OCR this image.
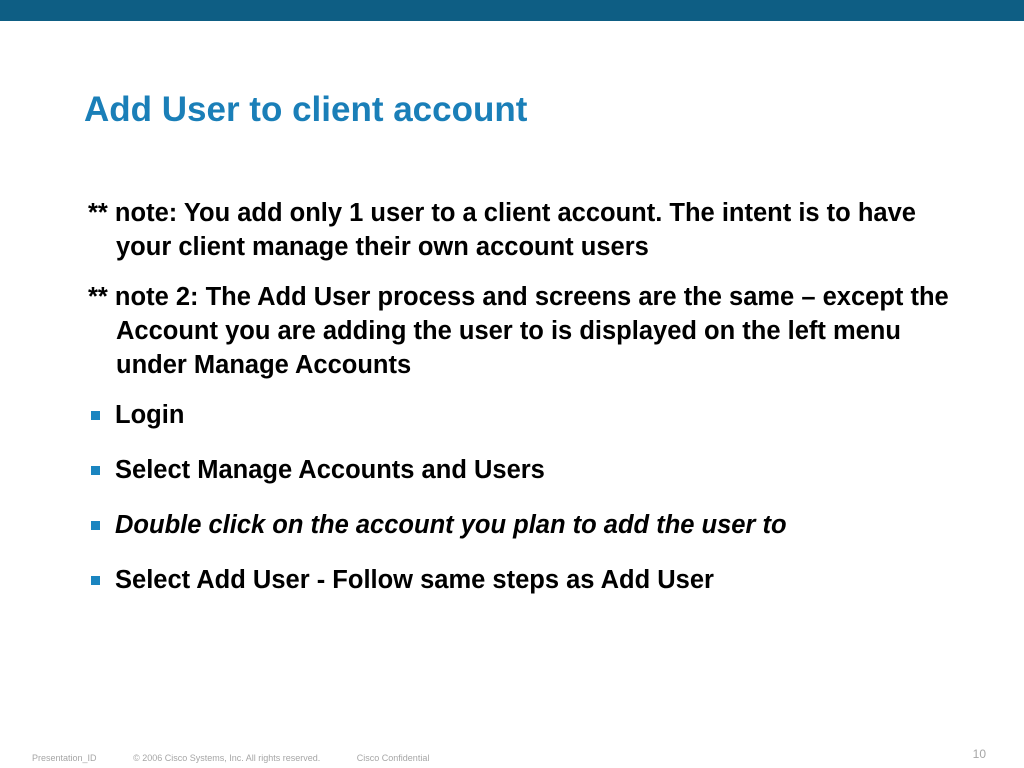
Add User to client account

** note: You add only 1 user to a client account. The intent is to have your client manage their own account users

** note 2: The Add User process and screens are the same – except the Account you are adding the user to is displayed on the left menu under Manage Accounts

Login
Select Manage Accounts and Users
Double click on the account you plan to add the user to
Select Add User - Follow same steps as Add User
Presentation_ID	© 2006 Cisco Systems, Inc. All rights reserved.	Cisco Confidential	10
